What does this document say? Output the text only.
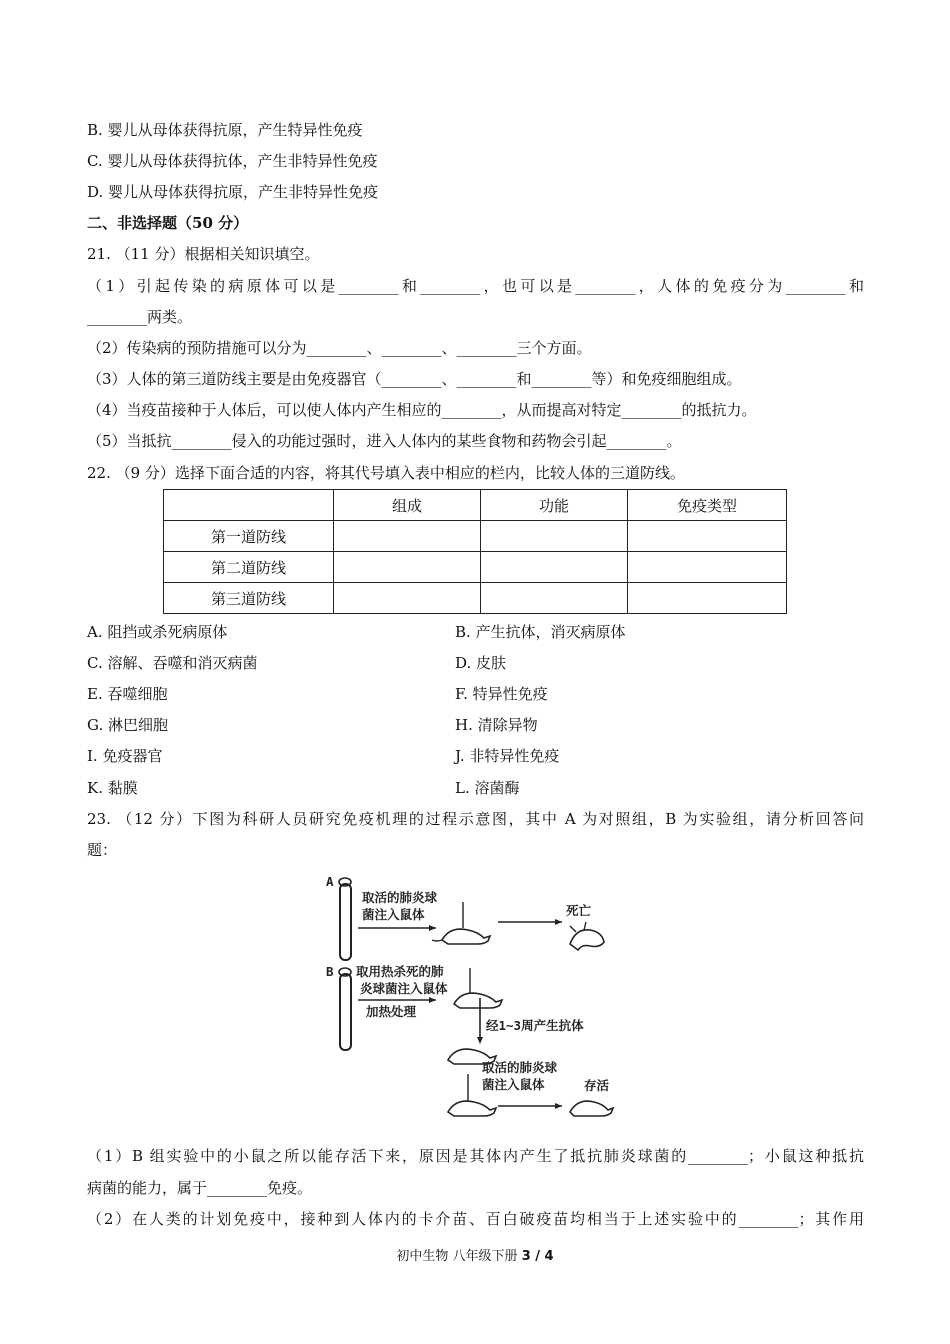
B. 婴儿从母体获得抗原，产生特异性免疫
C. 婴儿从母体获得抗体，产生非特异性免疫
D. 婴儿从母体获得抗原，产生非特异性免疫
二、非选择题（50 分）
21. （11 分）根据相关知识填空。
（1）引起传染的病原体可以是________和________，也可以是________，人体的免疫分为________和
________两类。
（2）传染病的预防措施可以分为________、________、________三个方面。
（3）人体的第三道防线主要是由免疫器官（________、________和________等）和免疫细胞组成。
（4）当疫苗接种于人体后，可以使人体内产生相应的________，从而提高对特定________的抵抗力。
（5）当抵抗________侵入的功能过强时，进入人体内的某些食物和药物会引起________。
22. （9 分）选择下面合适的内容，将其代号填入表中相应的栏内，比较人体的三道防线。
	组成	功能	免疫类型
第一道防线			
第二道防线			
第三道防线			
A. 阻挡或杀死病原体	B. 产生抗体，消灭病原体
C. 溶解、吞噬和消灭病菌	D. 皮肤
E. 吞噬细胞	F. 特异性免疫
G. 淋巴细胞	H. 清除异物
I. 免疫器官	J. 非特异性免疫
K. 黏膜	L. 溶菌酶
23. （12 分）下图为科研人员研究免疫机理的过程示意图，其中 A 为对照组，B 为实验组，请分析回答问
题：
A
取活的肺炎球
菌注入鼠体	死亡
B 取用热杀死的肺
炎球菌注入鼠体
加热处理
经1~3周产生抗体
取活的肺炎球
菌注入鼠体	存活
（1）B 组实验中的小鼠之所以能存活下来，原因是其体内产生了抵抗肺炎球菌的________；小鼠这种抵抗
病菌的能力，属于________免疫。
（2）在人类的计划免疫中，接种到人体内的卡介苗、百白破疫苗均相当于上述实验中的________；其作用
初中生物 八年级下册 3 / 4
